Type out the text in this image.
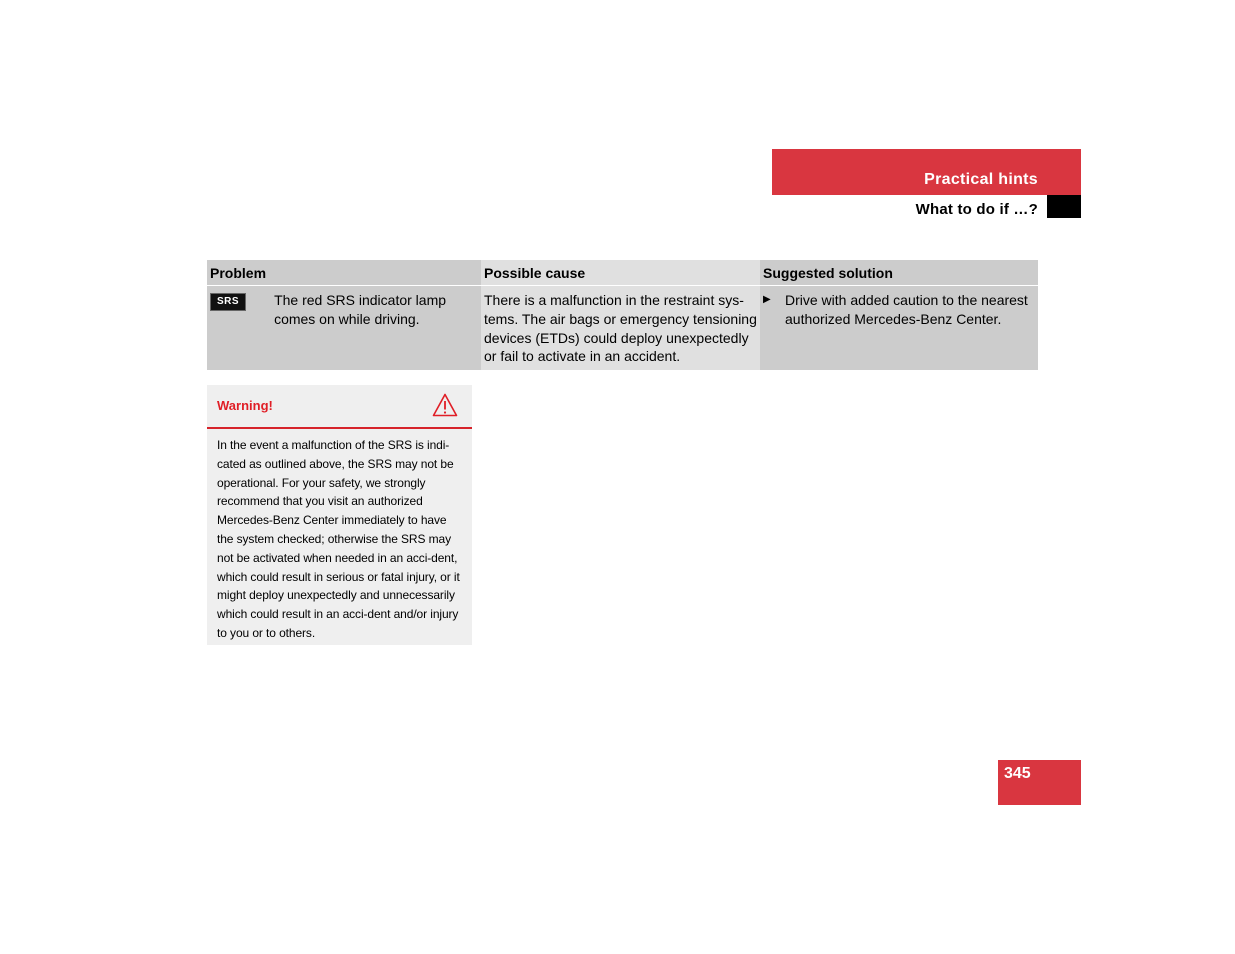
Practical hints
What to do if …?
Problem	Possible cause	Suggested solution

SRS The red SRS indicator lamp comes on while driving.	There is a malfunction in the restraint sys-tems. The air bags or emergency tensioning devices (ETDs) could deploy unexpectedly or fail to activate in an accident.	▶ Drive with added caution to the nearest authorized Mercedes-Benz Center.
Warning!
In the event a malfunction of the SRS is indi-cated as outlined above, the SRS may not be operational. For your safety, we strongly recommend that you visit an authorized Mercedes-Benz Center immediately to have the system checked; otherwise the SRS may not be activated when needed in an acci-dent, which could result in serious or fatal injury, or it might deploy unexpectedly and unnecessarily which could result in an acci-dent and/or injury to you or to others.
345
